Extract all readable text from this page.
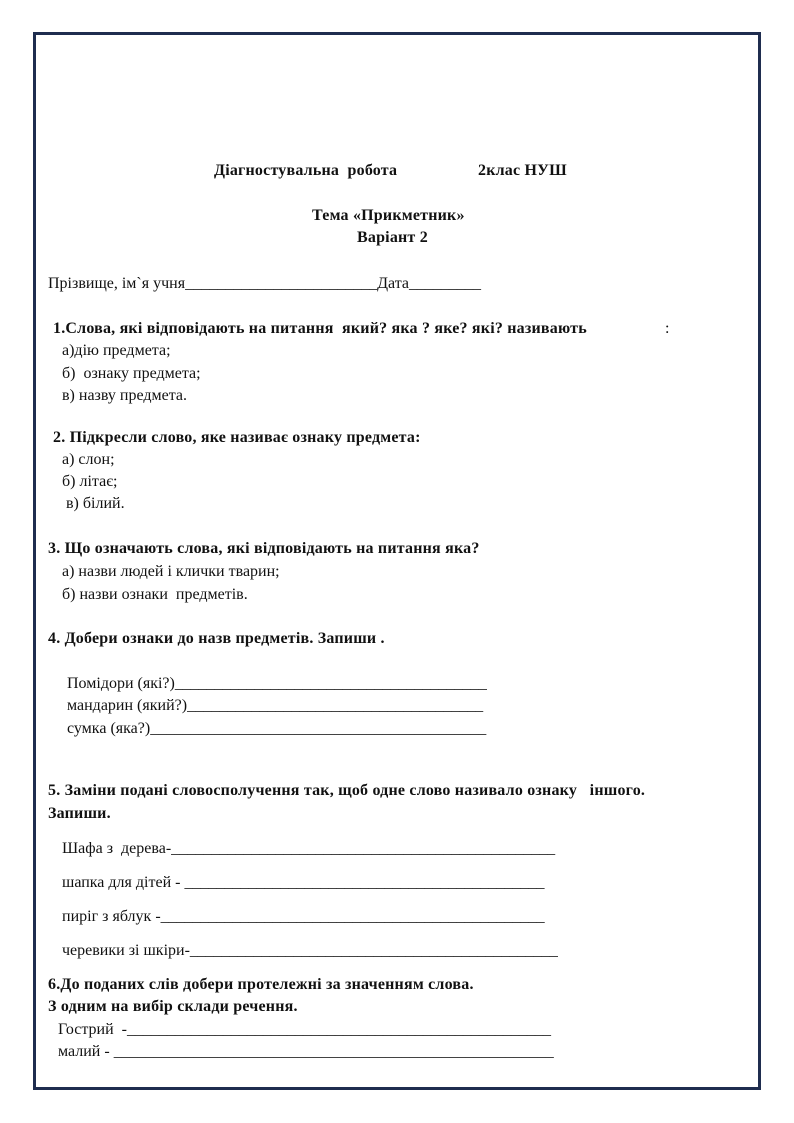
Діагностувальна  робота	2клас НУШ
Тема «Прикметник»
Варіант 2
Прізвище, ім`я учня________________________Дата_________
1.Слова, які відповідають на питання  який? яка ? яке? які? називають	:
а)дію предмета;
б)  ознаку предмета;
в) назву предмета.
2. Підкресли слово, яке називає ознаку предмета:
а) слон;
б) літає;
в) білий.
3. Що означають слова, які відповідають на питання яка?
а) назви людей і клички тварин;
б) назви ознаки  предметів.
4. Добери ознаки до назв предметів. Запиши .
Помідори (які?)_______________________________________
мандарин (який?)_____________________________________
сумка (яка?)__________________________________________
5. Заміни подані словосполучення так, щоб одне слово називало ознаку   іншого.
Запиши.
Шафа з  дерева-________________________________________________
шапка для дітей - _____________________________________________
пиріг з яблук -________________________________________________
черевики зі шкіри-______________________________________________
6.До поданих слів добери протележні за значенням слова.
З одним на вибір склади речення.
Гострий  -_____________________________________________________
малий - _______________________________________________________
